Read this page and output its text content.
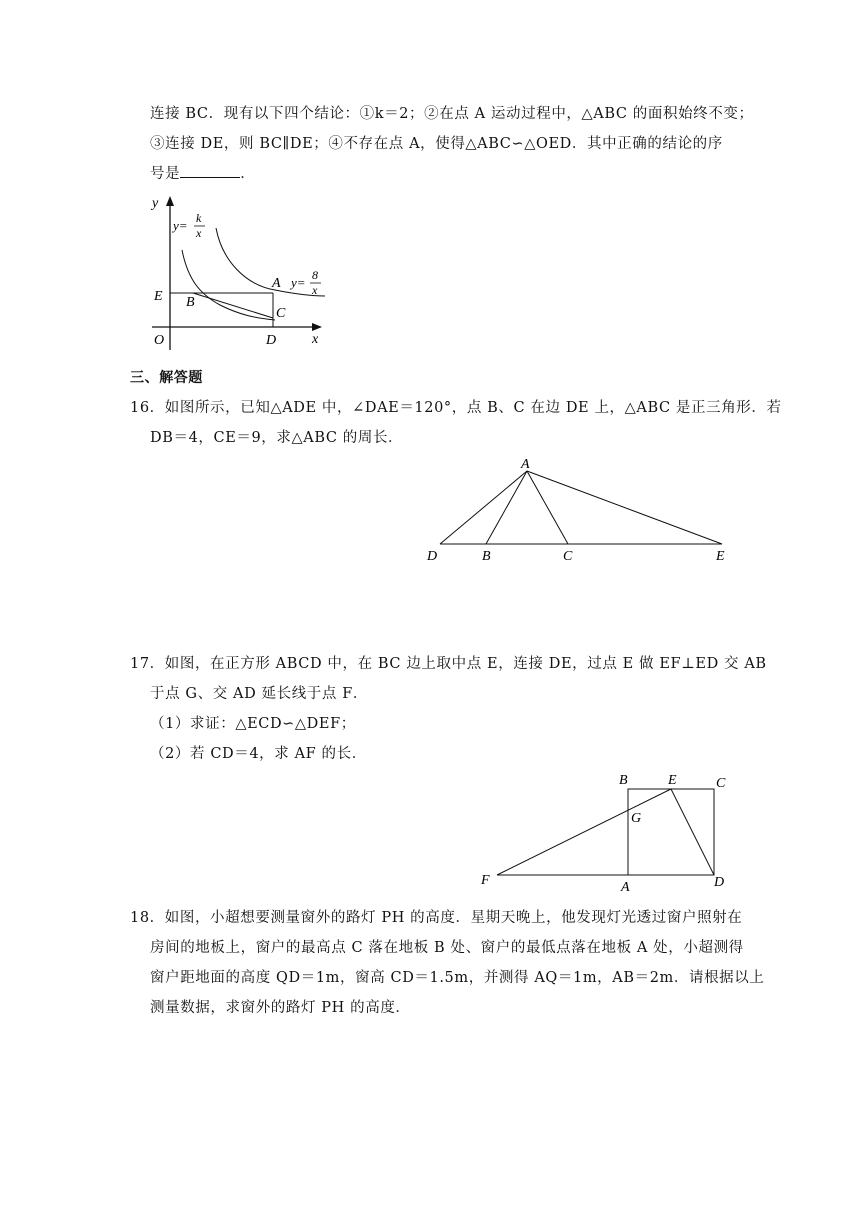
连接 BC．现有以下四个结论：①k＝2；②在点 A 运动过程中，△ABC 的面积始终不变；
③连接 DE，则 BC∥DE；④不存在点 A，使得△ABC∽△OED．其中正确的结论的序
号是	．
y
x
O
E B
A
C
D
y= k
x
y= 8
x
三、解答题
16．如图所示，已知△ADE 中，∠DAE＝120°，点 B、C 在边 DE 上，△ABC 是正三角形．若
DB＝4，CE＝9，求△ABC 的周长．
A
D	B	C	E
17．如图，在正方形 ABCD 中，在 BC 边上取中点 E，连接 DE，过点 E 做 EF⊥ED 交 AB
于点 G、交 AD 延长线于点 F．
（1）求证：△ECD∽△DEF；
（2）若 CD＝4，求 AF 的长．
B	E	C
G
F	A	D
18．如图，小超想要测量窗外的路灯 PH 的高度．星期天晚上，他发现灯光透过窗户照射在
房间的地板上，窗户的最高点 C 落在地板 B 处、窗户的最低点落在地板 A 处，小超测得
窗户距地面的高度 QD＝1m，窗高 CD＝1.5m，并测得 AQ＝1m，AB＝2m．请根据以上
测量数据，求窗外的路灯 PH 的高度．
